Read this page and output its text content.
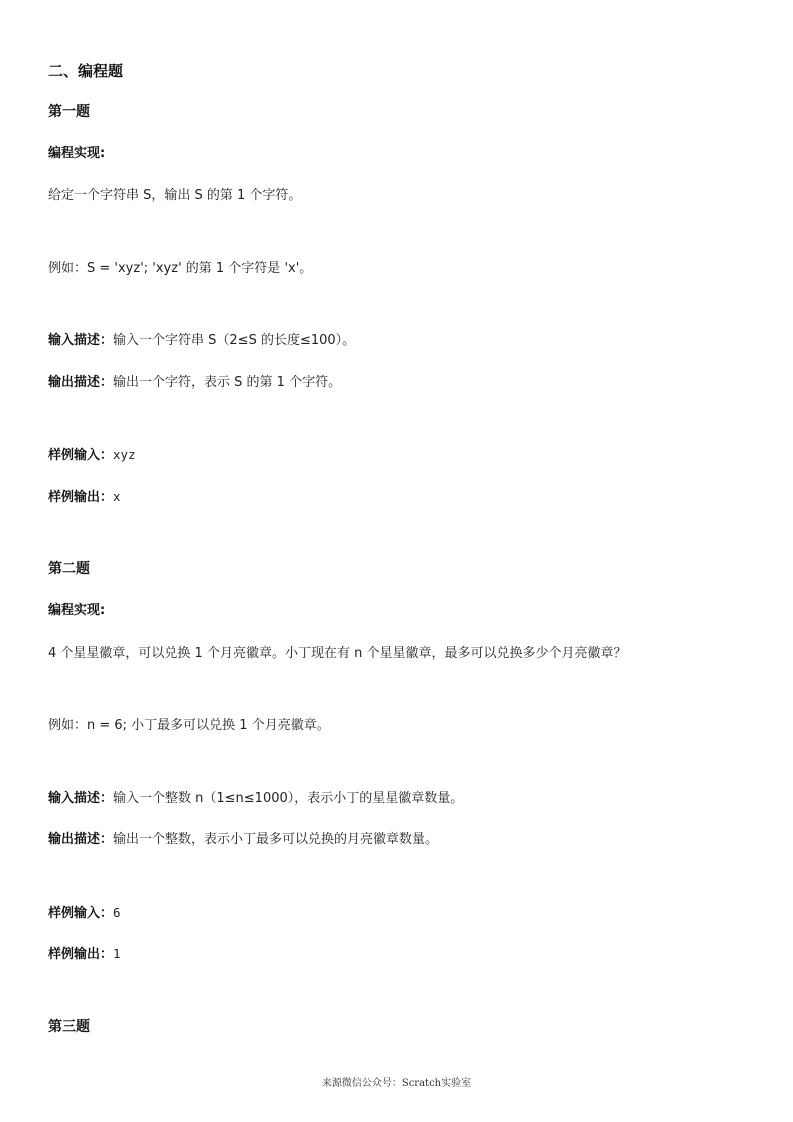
二、编程题
第一题
编程实现:
给定一个字符串 S，输出 S 的第 1 个字符。
例如：S = 'xyz'; 'xyz' 的第 1 个字符是 'x'。
输入描述：输入一个字符串 S（2≤S 的长度≤100）。
输出描述：输出一个字符，表示 S 的第 1 个字符。
样例输入：xyz
样例输出：x
第二题
编程实现:
4 个星星徽章，可以兑换 1 个月亮徽章。小丁现在有 n 个星星徽章，最多可以兑换多少个月亮徽章？
例如：n = 6; 小丁最多可以兑换 1 个月亮徽章。
输入描述：输入一个整数 n（1≤n≤1000），表示小丁的星星徽章数量。
输出描述：输出一个整数，表示小丁最多可以兑换的月亮徽章数量。
样例输入：6
样例输出：1
第三题
来源微信公众号：Scratch实验室
